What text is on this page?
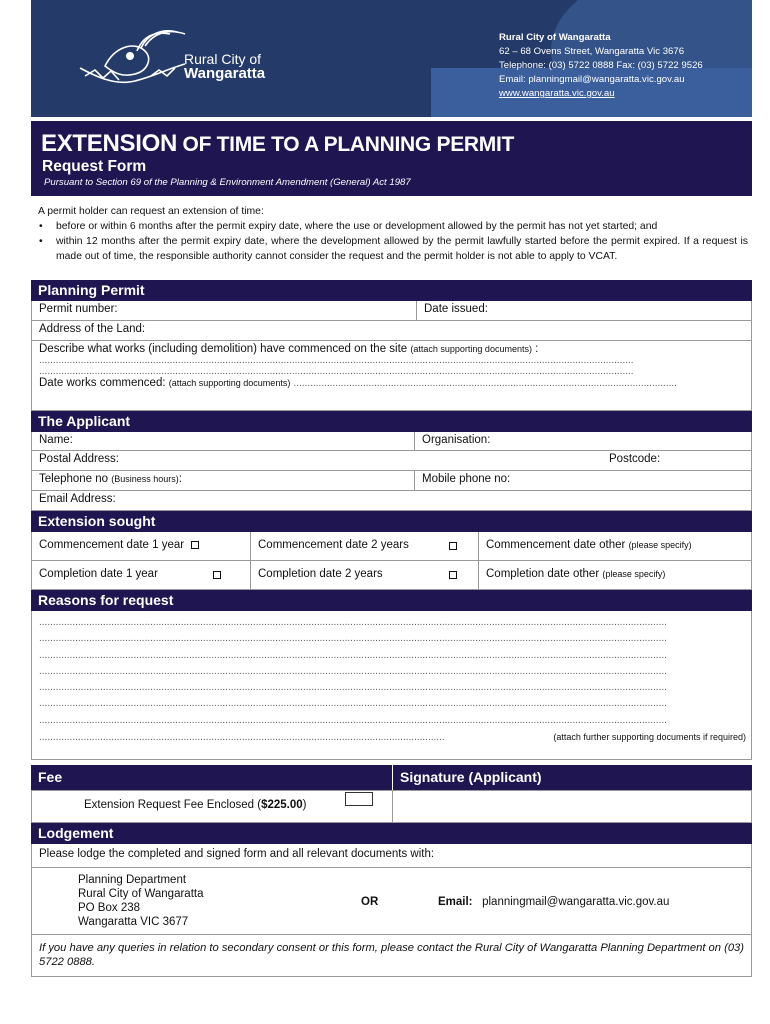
Rural City of
Wangaratta
Rural City of Wangaratta
62 – 68 Ovens Street, Wangaratta Vic 3676
Telephone: (03) 5722 0888 Fax: (03) 5722 9526
Email: planningmail@wangaratta.vic.gov.au
www.wangaratta.vic.gov.au
EXTENSION OF TIME TO A PLANNING PERMIT
Request Form
Pursuant to Section 69 of the Planning & Environment Amendment (General) Act 1987
A permit holder can request an extension of time:
• before or within 6 months after the permit expiry date, where the use or development allowed by the permit has not yet started; and
• within 12 months after the permit expiry date, where the development allowed by the permit lawfully started before the permit expired. If a request is made out of time, the responsible authority cannot consider the request and the permit holder is not able to apply to VCAT.
Planning Permit
Permit number:	Date issued:
Address of the Land:
Describe what works (including demolition) have commenced on the site (attach supporting documents) :
......................................................................................................................................................................................................................
......................................................................................................................................................................................................................
Date works commenced: (attach supporting documents) ..........................................................................................................................................
The Applicant
Name:	Organisation:
Postal Address:	Postcode:
Telephone no (Business hours):	Mobile phone no:
Email Address:
Extension sought
Commencement date 1 year	Commencement date 2 years	Commencement date other (please specify)
Completion date 1 year	Completion date 2 years	Completion date other (please specify)
Reasons for request
..................................................................................................................................................................................................................................
..................................................................................................................................................................................................................................
..................................................................................................................................................................................................................................
..................................................................................................................................................................................................................................
..................................................................................................................................................................................................................................
..................................................................................................................................................................................................................................
..................................................................................................................................................................................................................................
..................................................................................................................................................	(attach further supporting documents if required)
Fee	Signature (Applicant)
Extension Request Fee Enclosed ($225.00)
Lodgement
Please lodge the completed and signed form and all relevant documents with:
Planning Department
Rural City of Wangaratta
PO Box 238
Wangaratta VIC 3677
OR	Email: planningmail@wangaratta.vic.gov.au
If you have any queries in relation to secondary consent or this form, please contact the Rural City of Wangaratta Planning Department on (03) 5722 0888.
